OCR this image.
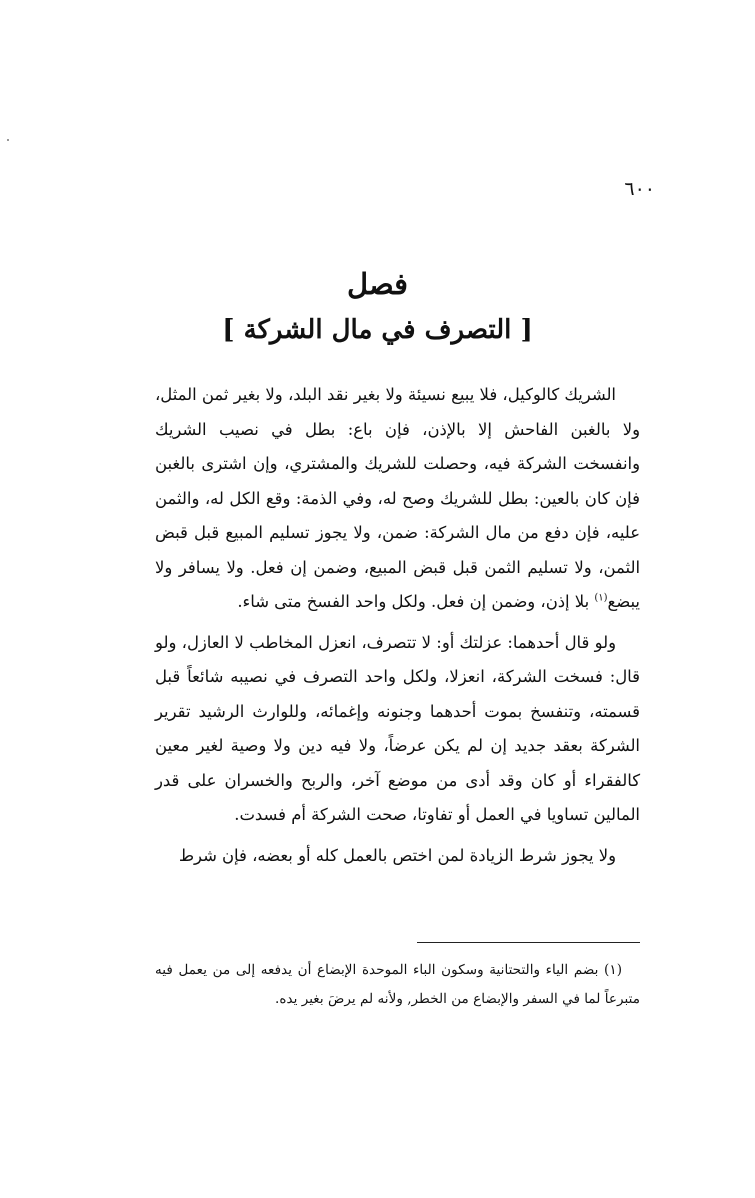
٦٠٠
فصل
[ التصرف في مال الشركة ]

الشريك كالوكيل، فلا يبيع نسيئة ولا بغير نقد البلد، ولا بغير ثمن المثل، ولا بالغبن الفاحش إلا بالإذن، فإن باع: بطل في نصيب الشريك وانفسخت الشركة فيه، وحصلت للشريك والمشتري، وإن اشترى بالغبن فإن كان بالعين: بطل للشريك وصح له، وفي الذمة: وقع الكل له، والثمن عليه، فإن دفع من مال الشركة: ضمن، ولا يجوز تسليم المبيع قبل قبض الثمن، ولا تسليم الثمن قبل قبض المبيع، وضمن إن فعل. ولا يسافر ولا يبضع$^{(١)}$ بلا إذن، وضمن إن فعل. ولكل واحد الفسخ متى شاء.

ولو قال أحدهما: عزلتك أو: لا تتصرف، انعزل المخاطب لا العازل، ولو قال: فسخت الشركة، انعزلا، ولكل واحد التصرف في نصيبه شائعاً قبل قسمته، وتنفسخ بموت أحدهما وجنونه وإغمائه، وللوارث الرشيد تقرير الشركة بعقد جديد إن لم يكن عرضاً، ولا فيه دين ولا وصية لغير معين كالفقراء أو كان وقد أدى من موضع آخر، والربح والخسران على قدر المالين تساويا في العمل أو تفاوتا، صحت الشركة أم فسدت.

ولا يجوز شرط الزيادة لمن اختص بالعمل كله أو بعضه، فإن شرط

(١) بضم الياء والتحتانية وسكون الباء الموحدة الإبضاع أن يدفعه إلى من يعمل فيه متبرعاً لما في السفر والإبضاع من الخطر, ولأنه لم يرضَ بغير يده.
